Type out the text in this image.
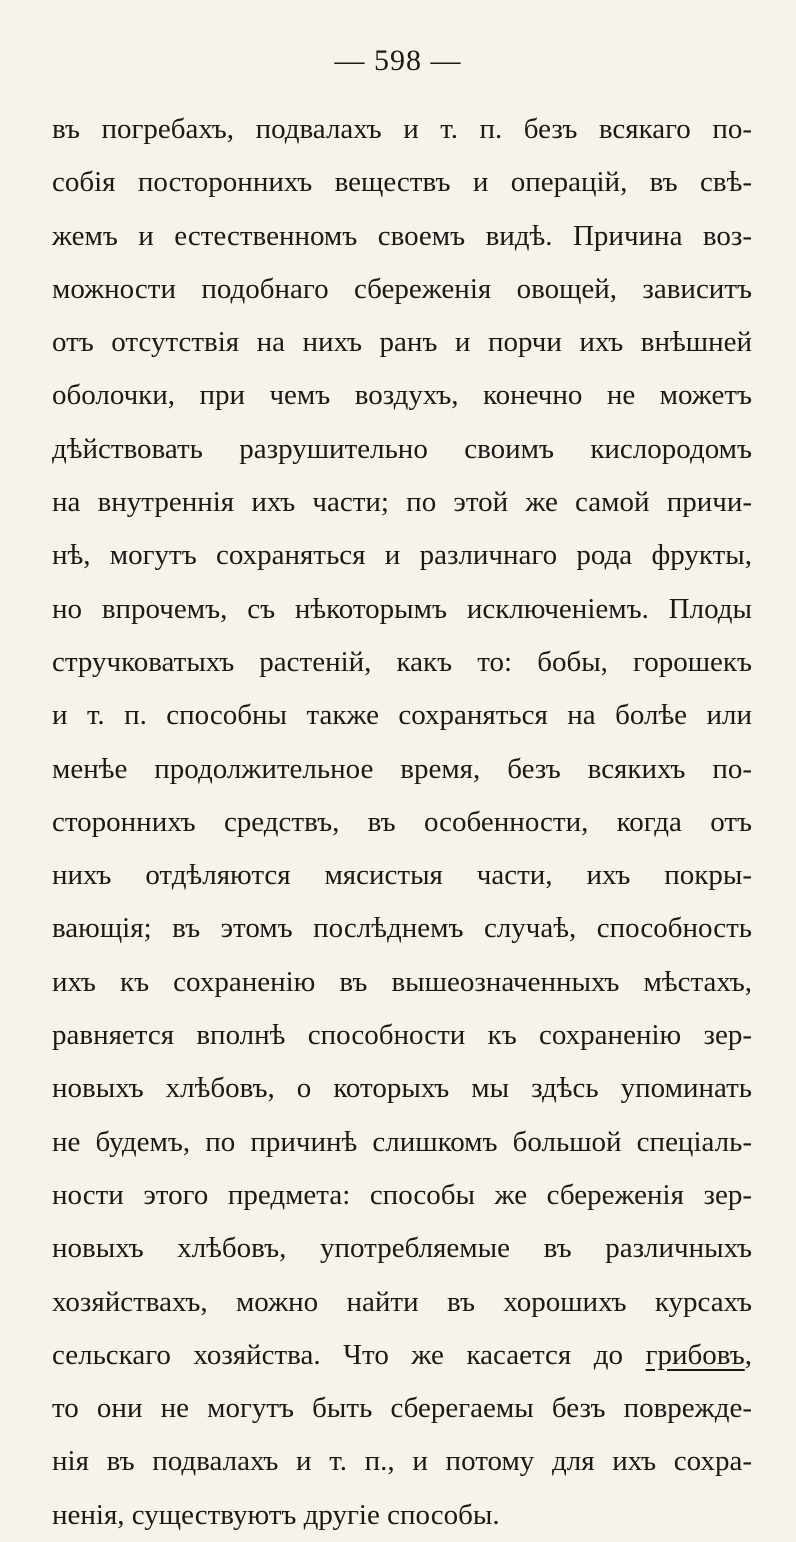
— 598 —
въ погребахъ, подвалахъ и т. п. безъ всякаго по-
собія постороннихъ веществъ и операцій, въ свѣ-
жемъ и естественномъ своемъ видѣ. Причина воз-
можности подобнаго сбереженія овощей, зависитъ
отъ отсутствія на нихъ ранъ и порчи ихъ внѣшней
оболочки, при чемъ воздухъ, конечно не можетъ
дѣйствовать разрушительно своимъ кислородомъ
на внутреннія ихъ части; по этой же самой причи-
нѣ, могутъ сохраняться и различнаго рода фрукты,
но впрочемъ, съ нѣкоторымъ исключеніемъ. Плоды
стручковатыхъ растеній, какъ то: бобы, горошекъ
и т. п. способны также сохраняться на болѣе или
менѣе продолжительное время, безъ всякихъ по-
стороннихъ средствъ, въ особенности, когда отъ
нихъ отдѣляются мясистыя части, ихъ покры-
вающія; въ этомъ послѣднемъ случаѣ, способность
ихъ къ сохраненію въ вышеозначенныхъ мѣстахъ,
равняется вполнѣ способности къ сохраненію зер-
новыхъ хлѣбовъ, о которыхъ мы здѣсь упоминать
не будемъ, по причинѣ слишкомъ большой спеціаль-
ности этого предмета: способы же сбереженія зер-
новыхъ хлѣбовъ, употребляемые въ различныхъ
хозяйствахъ, можно найти въ хорошихъ курсахъ
сельскаго хозяйства. Что же касается до грибовъ,
то они не могутъ быть сберегаемы безъ поврежде-
нія въ подвалахъ и т. п., и потому для ихъ сохра-
ненія, существуютъ другіе способы.
